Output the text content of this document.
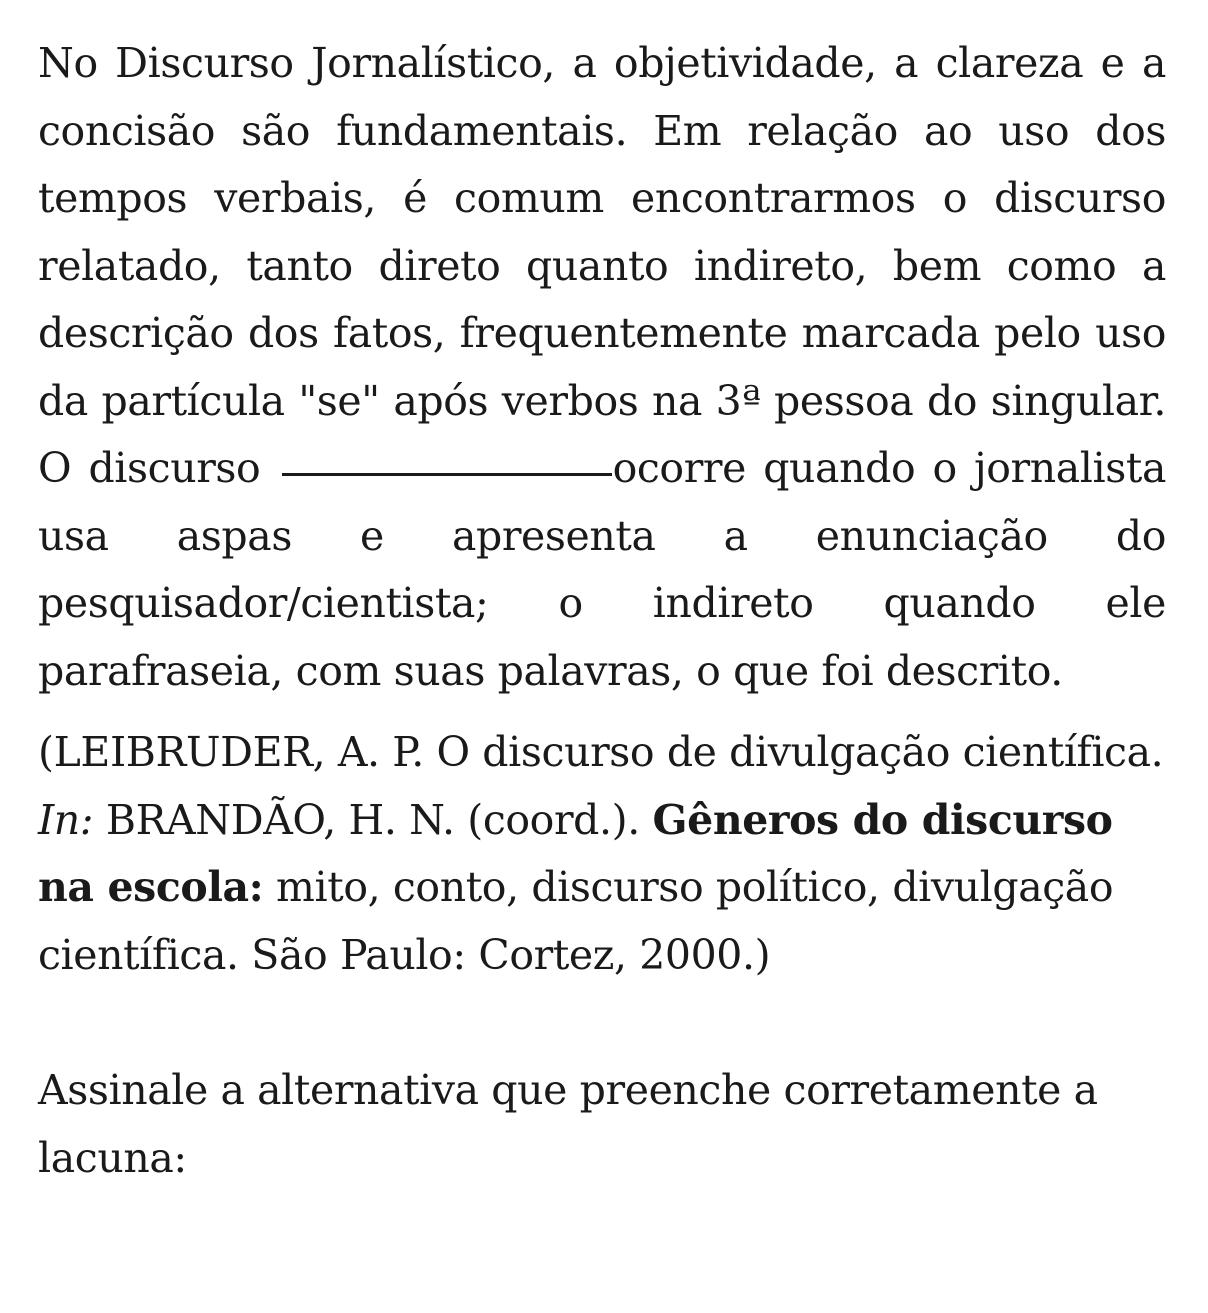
No Discurso Jornalístico, a objetividade, a clareza e a concisão são fundamentais. Em relação ao uso dos tempos verbais, é comum encontrarmos o discurso relatado, tanto direto quanto indireto, bem como a descrição dos fatos, frequentemente marcada pelo uso da partícula "se" após verbos na 3ª pessoa do singular. O discurso	ocorre quando o jornalista usa aspas e apresenta a enunciação do pesquisador/cientista; o indireto quando ele parafraseia, com suas palavras, o que foi descrito.

(LEIBRUDER, A. P. O discurso de divulgação científica. In: BRANDÃO, H. N. (coord.). Gêneros do discurso na escola: mito, conto, discurso político, divulgação científica. São Paulo: Cortez, 2000.)

Assinale a alternativa que preenche corretamente a lacuna:
